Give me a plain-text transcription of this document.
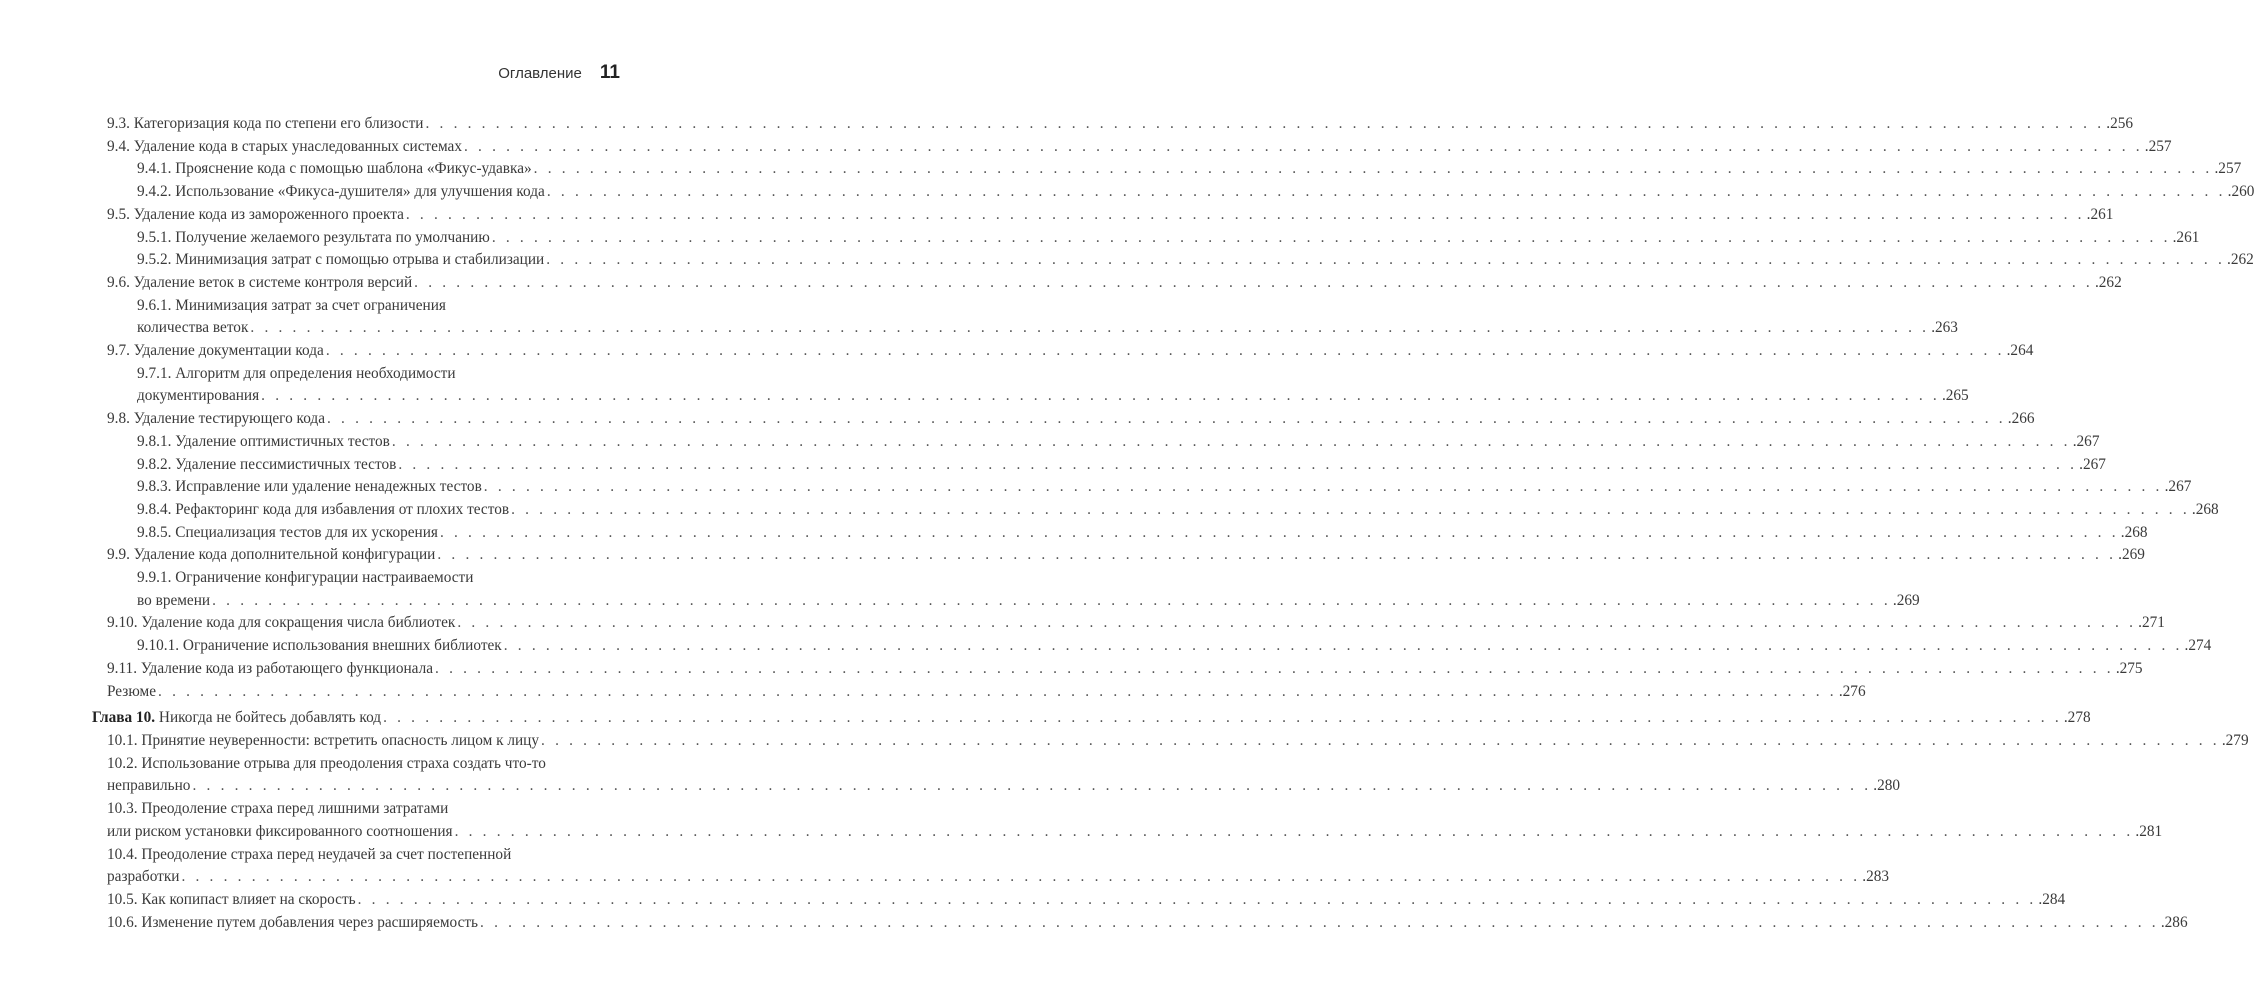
Оглавление 11
9.3. Категоризация кода по степени его близости . . . . . . . . . . . . . . . . . . . . . . . . . . . . . . . . . . . . . . . . . . . . . . . . . . . . . . . . . . . . . . . . . . . . . . . . . . . . . . . . . . . . . . . . . . . . . . . . . . . . . . . . . . . . . . . . . . . . . . . . .256
9.4. Удаление кода в старых унаследованных системах . . . . . . . . . . . . . . . . . . . . . . . . . . . . . . . . . . . . . . . . . . . . . . . . . . . . . . . . . . . . . . . . . . . . . . . . . . . . . . . . . . . . . . . . . . . . . . . . . . . . . . . . . . . . . . . . . . . . . . . . .257
9.4.1. Прояснение кода с помощью шаблона «Фикус-удавка» . . . . . . . . . . . . . . . . . . . . . . . . . . . . . . . . . . . . . . . . . . . . . . . . . . . . . . . . . . . . . . . . . . . . . . . . . . . . . . . . . . . . . . . . . . . . . . . . . . . . . . . . . . . . . . . . . . . . . . . . .257
9.4.2. Использование «Фикуса-душителя» для улучшения кода . . . . . . . . . . . . . . . . . . . . . . . . . . . . . . . . . . . . . . . . . . . . . . . . . . . . . . . . . . . . . . . . . . . . . . . . . . . . . . . . . . . . . . . . . . . . . . . . . . . . . . . . . . . . . . . . . . . . . . . . .260
9.5. Удаление кода из замороженного проекта . . . . . . . . . . . . . . . . . . . . . . . . . . . . . . . . . . . . . . . . . . . . . . . . . . . . . . . . . . . . . . . . . . . . . . . . . . . . . . . . . . . . . . . . . . . . . . . . . . . . . . . . . . . . . . . . . . . . . . . . .261
9.5.1. Получение желаемого результата по умолчанию . . . . . . . . . . . . . . . . . . . . . . . . . . . . . . . . . . . . . . . . . . . . . . . . . . . . . . . . . . . . . . . . . . . . . . . . . . . . . . . . . . . . . . . . . . . . . . . . . . . . . . . . . . . . . . . . . . . . . . . . .261
9.5.2. Минимизация затрат с помощью отрыва и стабилизации . . . . . . . . . . . . . . . . . . . . . . . . . . . . . . . . . . . . . . . . . . . . . . . . . . . . . . . . . . . . . . . . . . . . . . . . . . . . . . . . . . . . . . . . . . . . . . . . . . . . . . . . . . . . . . . . . . . . . . . . .262
9.6. Удаление веток в системе контроля версий . . . . . . . . . . . . . . . . . . . . . . . . . . . . . . . . . . . . . . . . . . . . . . . . . . . . . . . . . . . . . . . . . . . . . . . . . . . . . . . . . . . . . . . . . . . . . . . . . . . . . . . . . . . . . . . . . . . . . . . . .262
9.6.1. Минимизация затрат за счет ограничения
количества веток . . . . . . . . . . . . . . . . . . . . . . . . . . . . . . . . . . . . . . . . . . . . . . . . . . . . . . . . . . . . . . . . . . . . . . . . . . . . . . . . . . . . . . . . . . . . . . . . . . . . . . . . . . . . . . . . . . . . . . . . .263
9.7. Удаление документации кода . . . . . . . . . . . . . . . . . . . . . . . . . . . . . . . . . . . . . . . . . . . . . . . . . . . . . . . . . . . . . . . . . . . . . . . . . . . . . . . . . . . . . . . . . . . . . . . . . . . . . . . . . . . . . . . . . . . . . . . . .264
9.7.1. Алгоритм для определения необходимости
документирования . . . . . . . . . . . . . . . . . . . . . . . . . . . . . . . . . . . . . . . . . . . . . . . . . . . . . . . . . . . . . . . . . . . . . . . . . . . . . . . . . . . . . . . . . . . . . . . . . . . . . . . . . . . . . . . . . . . . . . . . .265
9.8. Удаление тестирующего кода . . . . . . . . . . . . . . . . . . . . . . . . . . . . . . . . . . . . . . . . . . . . . . . . . . . . . . . . . . . . . . . . . . . . . . . . . . . . . . . . . . . . . . . . . . . . . . . . . . . . . . . . . . . . . . . . . . . . . . . . .266
9.8.1. Удаление оптимистичных тестов . . . . . . . . . . . . . . . . . . . . . . . . . . . . . . . . . . . . . . . . . . . . . . . . . . . . . . . . . . . . . . . . . . . . . . . . . . . . . . . . . . . . . . . . . . . . . . . . . . . . . . . . . . . . . . . . . . . . . . . . .267
9.8.2. Удаление пессимистичных тестов . . . . . . . . . . . . . . . . . . . . . . . . . . . . . . . . . . . . . . . . . . . . . . . . . . . . . . . . . . . . . . . . . . . . . . . . . . . . . . . . . . . . . . . . . . . . . . . . . . . . . . . . . . . . . . . . . . . . . . . . .267
9.8.3. Исправление или удаление ненадежных тестов . . . . . . . . . . . . . . . . . . . . . . . . . . . . . . . . . . . . . . . . . . . . . . . . . . . . . . . . . . . . . . . . . . . . . . . . . . . . . . . . . . . . . . . . . . . . . . . . . . . . . . . . . . . . . . . . . . . . . . . . .267
9.8.4. Рефакторинг кода для избавления от плохих тестов . . . . . . . . . . . . . . . . . . . . . . . . . . . . . . . . . . . . . . . . . . . . . . . . . . . . . . . . . . . . . . . . . . . . . . . . . . . . . . . . . . . . . . . . . . . . . . . . . . . . . . . . . . . . . . . . . . . . . . . . .268
9.8.5. Специализация тестов для их ускорения . . . . . . . . . . . . . . . . . . . . . . . . . . . . . . . . . . . . . . . . . . . . . . . . . . . . . . . . . . . . . . . . . . . . . . . . . . . . . . . . . . . . . . . . . . . . . . . . . . . . . . . . . . . . . . . . . . . . . . . . .268
9.9. Удаление кода дополнительной конфигурации . . . . . . . . . . . . . . . . . . . . . . . . . . . . . . . . . . . . . . . . . . . . . . . . . . . . . . . . . . . . . . . . . . . . . . . . . . . . . . . . . . . . . . . . . . . . . . . . . . . . . . . . . . . . . . . . . . . . . . . . .269
9.9.1. Ограничение конфигурации настраиваемости
во времени . . . . . . . . . . . . . . . . . . . . . . . . . . . . . . . . . . . . . . . . . . . . . . . . . . . . . . . . . . . . . . . . . . . . . . . . . . . . . . . . . . . . . . . . . . . . . . . . . . . . . . . . . . . . . . . . . . . . . . . . .269
9.10. Удаление кода для сокращения числа библиотек . . . . . . . . . . . . . . . . . . . . . . . . . . . . . . . . . . . . . . . . . . . . . . . . . . . . . . . . . . . . . . . . . . . . . . . . . . . . . . . . . . . . . . . . . . . . . . . . . . . . . . . . . . . . . . . . . . . . . . . . .271
9.10.1. Ограничение использования внешних библиотек . . . . . . . . . . . . . . . . . . . . . . . . . . . . . . . . . . . . . . . . . . . . . . . . . . . . . . . . . . . . . . . . . . . . . . . . . . . . . . . . . . . . . . . . . . . . . . . . . . . . . . . . . . . . . . . . . . . . . . . . .274
9.11. Удаление кода из работающего функционала . . . . . . . . . . . . . . . . . . . . . . . . . . . . . . . . . . . . . . . . . . . . . . . . . . . . . . . . . . . . . . . . . . . . . . . . . . . . . . . . . . . . . . . . . . . . . . . . . . . . . . . . . . . . . . . . . . . . . . . . .275
Резюме . . . . . . . . . . . . . . . . . . . . . . . . . . . . . . . . . . . . . . . . . . . . . . . . . . . . . . . . . . . . . . . . . . . . . . . . . . . . . . . . . . . . . . . . . . . . . . . . . . . . . . . . . . . . . . . . . . . . . . . . .276
Глава 10.
Никогда не бойтесь добавлять код . . . . . . . . . . . . . . . . . . . . . . . . . . . . . . . . . . . . . . . . . . . . . . . . . . . . . . . . . . . . . . . . . . . . . . . . . . . . . . . . . . . . . . . . . . . . . . . . . . . . . . . . . . . . . . . . . . . . . . . . .278
10.1. Принятие неуверенности: встретить опасность лицом к лицу . . . . . . . . . . . . . . . . . . . . . . . . . . . . . . . . . . . . . . . . . . . . . . . . . . . . . . . . . . . . . . . . . . . . . . . . . . . . . . . . . . . . . . . . . . . . . . . . . . . . . . . . . . . . . . . . . . . . . . . . .279
10.2. Использование отрыва для преодоления страха создать что-то
неправильно . . . . . . . . . . . . . . . . . . . . . . . . . . . . . . . . . . . . . . . . . . . . . . . . . . . . . . . . . . . . . . . . . . . . . . . . . . . . . . . . . . . . . . . . . . . . . . . . . . . . . . . . . . . . . . . . . . . . . . . . .280
10.3. Преодоление страха перед лишними затратами
или риском установки фиксированного соотношения . . . . . . . . . . . . . . . . . . . . . . . . . . . . . . . . . . . . . . . . . . . . . . . . . . . . . . . . . . . . . . . . . . . . . . . . . . . . . . . . . . . . . . . . . . . . . . . . . . . . . . . . . . . . . . . . . . . . . . . . .281
10.4. Преодоление страха перед неудачей за счет постепенной
разработки . . . . . . . . . . . . . . . . . . . . . . . . . . . . . . . . . . . . . . . . . . . . . . . . . . . . . . . . . . . . . . . . . . . . . . . . . . . . . . . . . . . . . . . . . . . . . . . . . . . . . . . . . . . . . . . . . . . . . . . . .283
10.5. Как копипаст влияет на скорость . . . . . . . . . . . . . . . . . . . . . . . . . . . . . . . . . . . . . . . . . . . . . . . . . . . . . . . . . . . . . . . . . . . . . . . . . . . . . . . . . . . . . . . . . . . . . . . . . . . . . . . . . . . . . . . . . . . . . . . . .284
10.6. Изменение путем добавления через расширяемость . . . . . . . . . . . . . . . . . . . . . . . . . . . . . . . . . . . . . . . . . . . . . . . . . . . . . . . . . . . . . . . . . . . . . . . . . . . . . . . . . . . . . . . . . . . . . . . . . . . . . . . . . . . . . . . . . . . . . . . . .286
